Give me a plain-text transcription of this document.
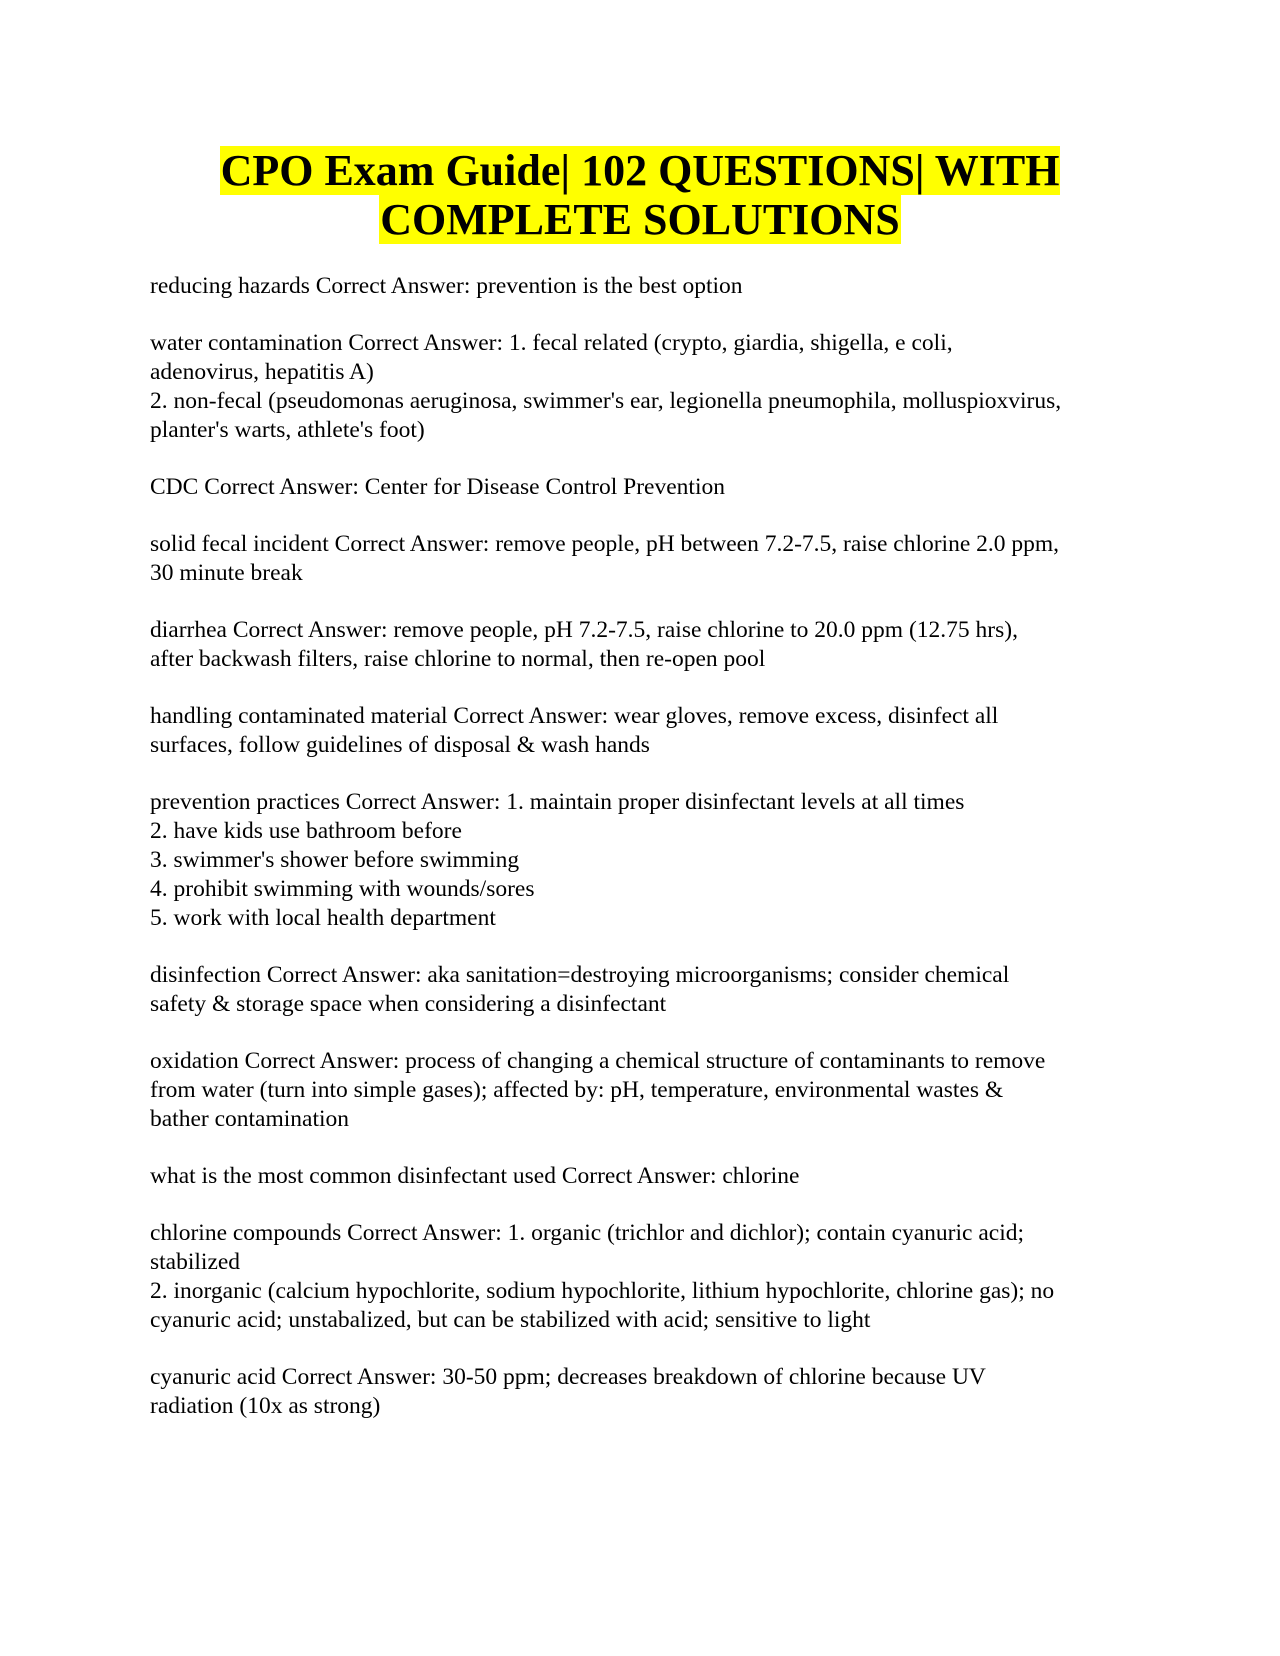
CPO Exam Guide| 102 QUESTIONS| WITH
COMPLETE SOLUTIONS

reducing hazards Correct Answer: prevention is the best option

water contamination Correct Answer: 1. fecal related (crypto, giardia, shigella, e coli,
adenovirus, hepatitis A)
2. non-fecal (pseudomonas aeruginosa, swimmer's ear, legionella pneumophila, molluspioxvirus,
planter's warts, athlete's foot)

CDC Correct Answer: Center for Disease Control Prevention

solid fecal incident Correct Answer: remove people, pH between 7.2-7.5, raise chlorine 2.0 ppm,
30 minute break

diarrhea Correct Answer: remove people, pH 7.2-7.5, raise chlorine to 20.0 ppm (12.75 hrs),
after backwash filters, raise chlorine to normal, then re-open pool

handling contaminated material Correct Answer: wear gloves, remove excess, disinfect all
surfaces, follow guidelines of disposal & wash hands

prevention practices Correct Answer: 1. maintain proper disinfectant levels at all times
2. have kids use bathroom before
3. swimmer's shower before swimming
4. prohibit swimming with wounds/sores
5. work with local health department

disinfection Correct Answer: aka sanitation=destroying microorganisms; consider chemical
safety & storage space when considering a disinfectant

oxidation Correct Answer: process of changing a chemical structure of contaminants to remove
from water (turn into simple gases); affected by: pH, temperature, environmental wastes &
bather contamination

what is the most common disinfectant used Correct Answer: chlorine

chlorine compounds Correct Answer: 1. organic (trichlor and dichlor); contain cyanuric acid;
stabilized
2. inorganic (calcium hypochlorite, sodium hypochlorite, lithium hypochlorite, chlorine gas); no
cyanuric acid; unstabalized, but can be stabilized with acid; sensitive to light

cyanuric acid Correct Answer: 30-50 ppm; decreases breakdown of chlorine because UV
radiation (10x as strong)
